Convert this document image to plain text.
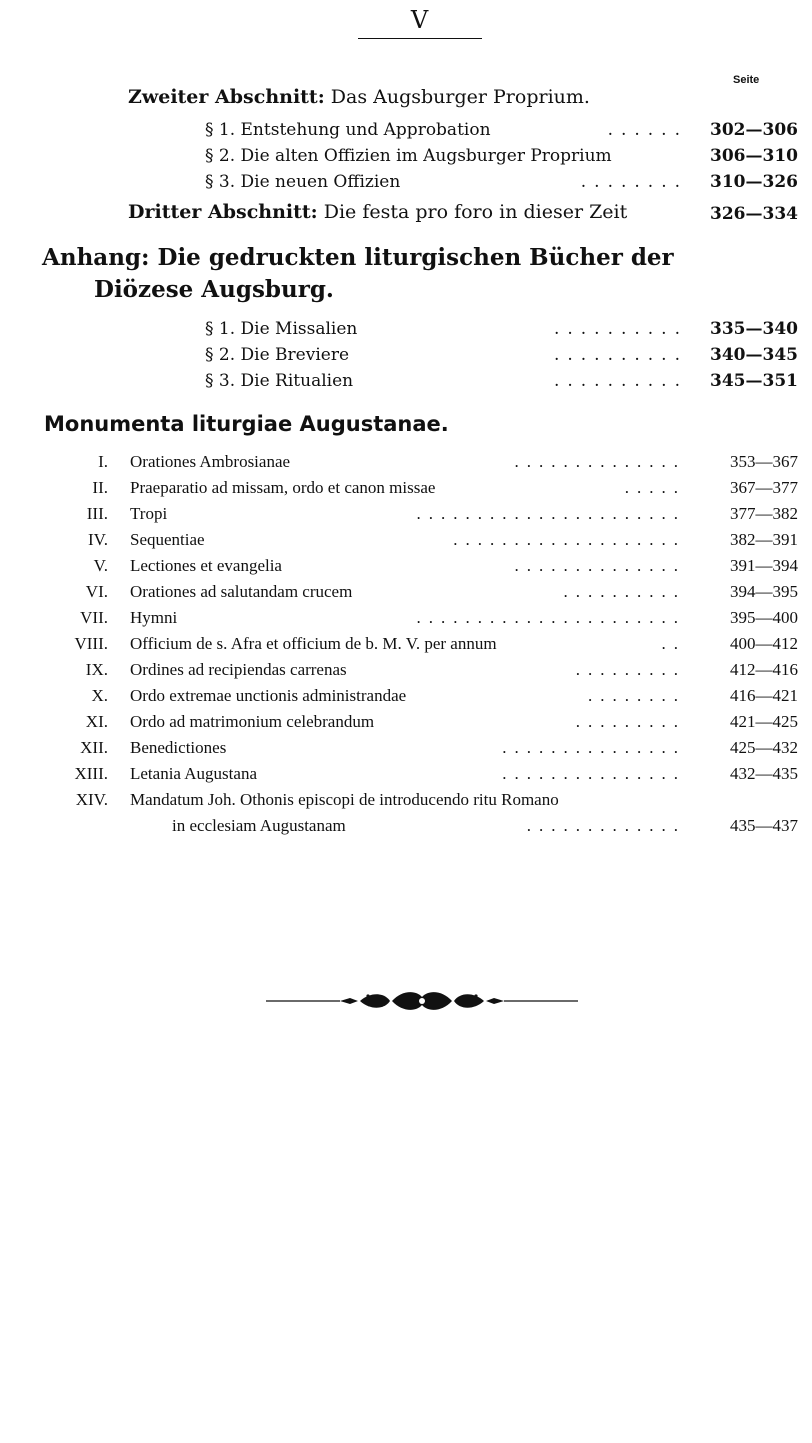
V
Seite
Zweiter Abschnitt: Das Augsburger Proprium.
§ 1. Entstehung und Approbation	......	302—306
§ 2. Die alten Offizien im Augsburger Proprium	306—310
§ 3. Die neuen Offizien	........	310—326
Dritter Abschnitt: Die festa pro foro in dieser Zeit	326—334
Anhang: Die gedruckten liturgischen Bücher der
Diözese Augsburg.
§ 1. Die Missalien	..........	335—340
§ 2. Die Breviere	..........	340—345
§ 3. Die Ritualien	..........	345—351
Monumenta liturgiae Augustanae.
I. Orationes Ambrosianae	..............	353—367
II. Praeparatio ad missam, ordo et canon missae	.....	367—377
III. Tropi	......................	377—382
IV. Sequentiae	...................	382—391
V. Lectiones et evangelia	..............	391—394
VI. Orationes ad salutandam crucem	..........	394—395
VII. Hymni	......................	395—400
VIII. Officium de s. Afra et officium de b. M. V. per annum	..	400—412
IX. Ordines ad recipiendas carrenas	.........	412—416
X. Ordo extremae unctionis administrandae	........	416—421
XI. Ordo ad matrimonium celebrandum	.........	421—425
XII. Benedictiones	...............	425—432
XIII. Letania Augustana	...............	432—435
XIV. Mandatum Joh. Othonis episcopi de introducendo ritu Romano
in ecclesiam Augustanam	.............	435—437
